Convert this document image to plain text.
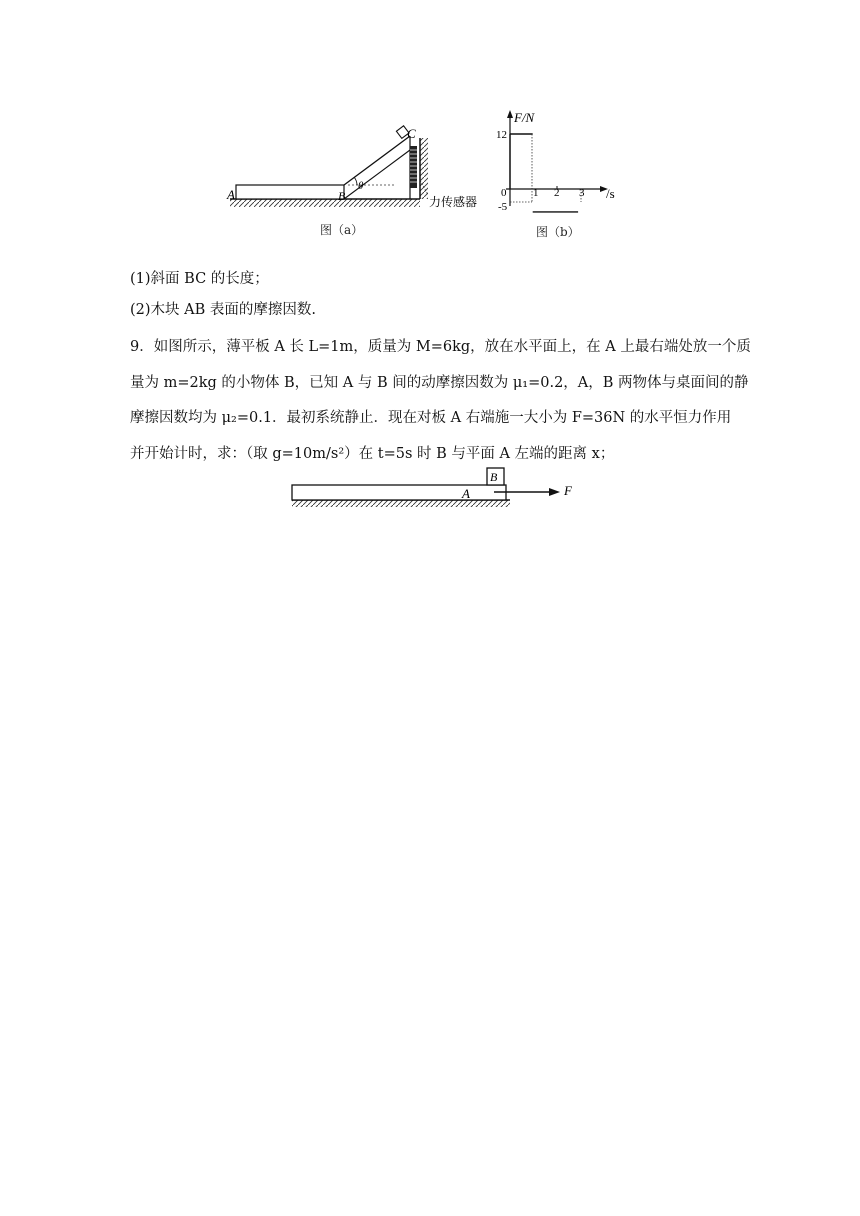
A	B
C
θ
力传感器
图（a）
F/N
12
0
-5
1 2 3 /s
图（b）
(1)斜面 BC 的长度；
(2)木块 AB 表面的摩擦因数.
9．如图所示，薄平板 A 长 L=1m，质量为 M=6kg，放在水平面上，在 A 上最右端处放一个质
量为 m=2kg 的小物体 B，已知 A 与 B 间的动摩擦因数为 μ₁=0.2，A，B 两物体与桌面间的静
摩擦因数均为 μ₂=0.1．最初系统静止．现在对板 A 右端施一大小为 F=36N 的水平恒力作用
并开始计时，求：（取 g=10m/s²）在 t=5s 时 B 与平面 A 左端的距离 x；
B
A	F
